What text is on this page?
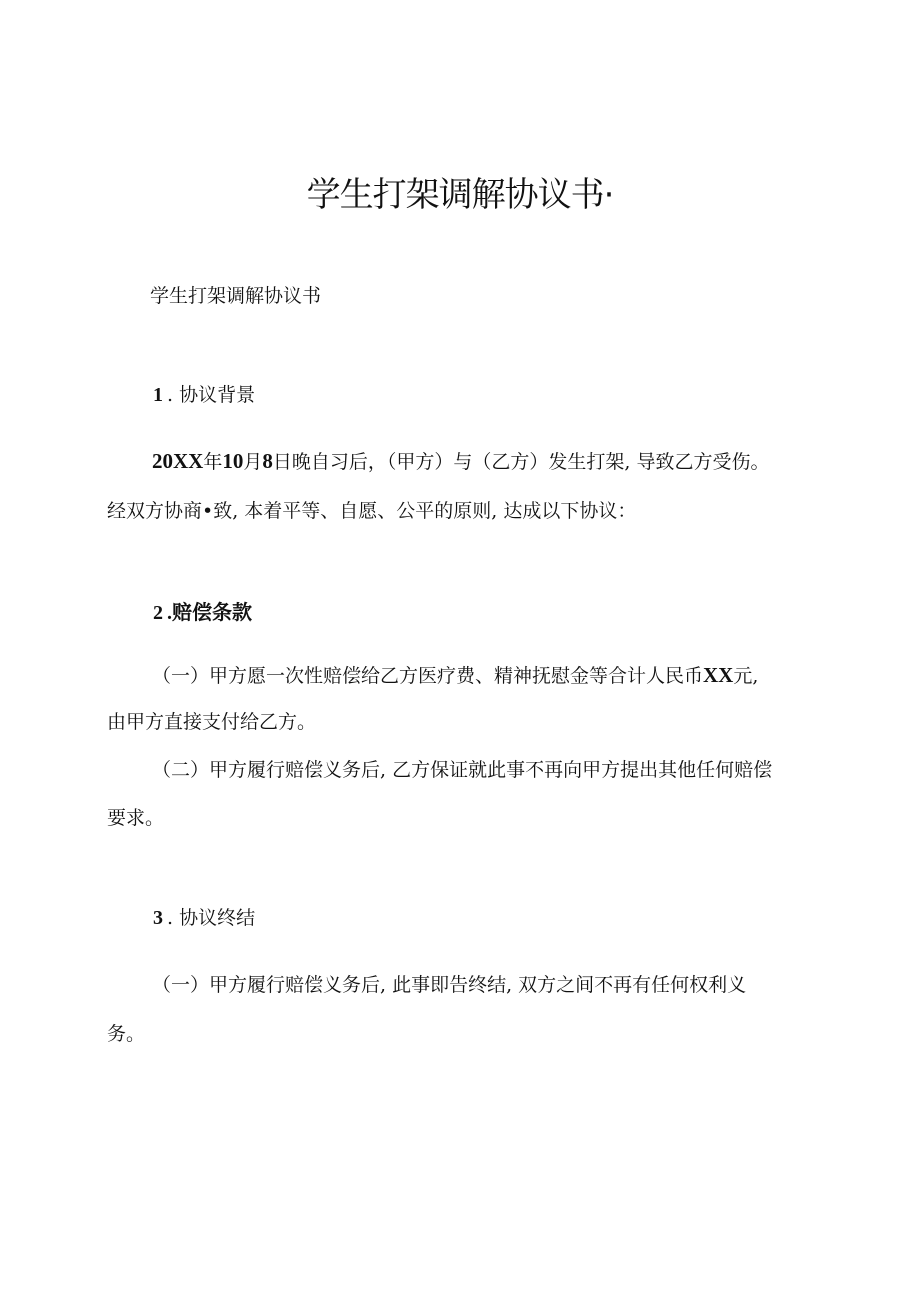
学生打架调解协议书·
学生打架调解协议书
1 . 协议背景
20XX年10月8日晚自习后，（甲方）与（乙方）发生打架, 导致乙方受伤。
经双方协商•致, 本着平等、自愿、公平的原则, 达成以下协议：
2 .赔偿条款
（一）甲方愿一次性赔偿给乙方医疗费、精神抚慰金等合计人民币XX元,
由甲方直接支付给乙方。
（二）甲方履行赔偿义务后, 乙方保证就此事不再向甲方提出其他任何赔偿
要求。
3 . 协议终结
（一）甲方履行赔偿义务后, 此事即告终结, 双方之间不再有任何权利义
务。
